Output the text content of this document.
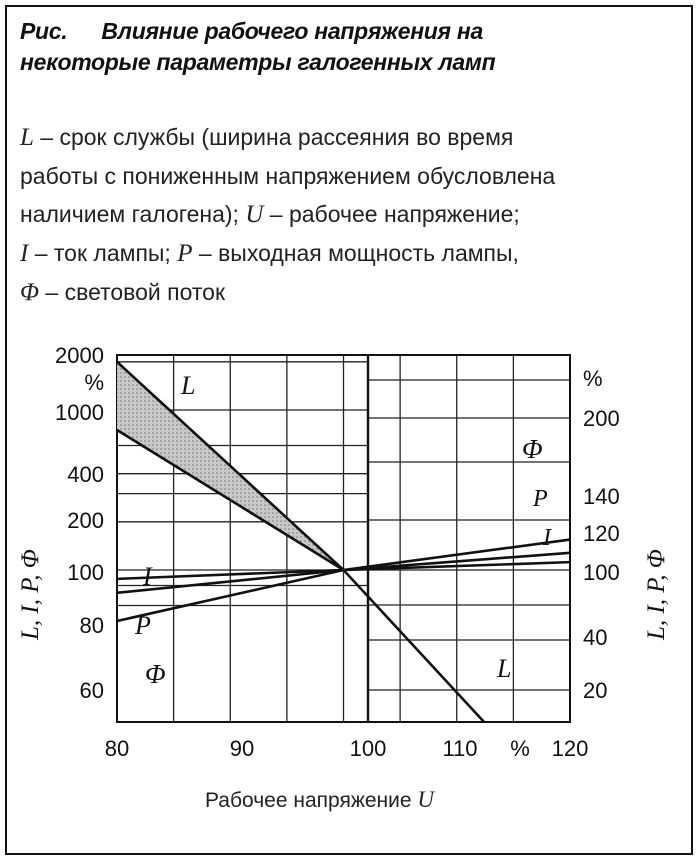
Рис. Влияние рабочего напряжения на
некоторые параметры галогенных ламп
L – срок службы (ширина рассеяния во время
работы с пониженным напряжением обусловлена
наличием галогена); U – рабочее напряжение;
I – ток лампы; P – выходная мощность лампы,
Φ – световой поток
2000
%
1000
400
200
100
80
60
%
200
140
120
100
40
20
80	90	100	110 % 120
L, I, P, Φ	L, I, P, Φ
Рабочее напряжение U
L
I
P
Φ
Φ
P
I
L
